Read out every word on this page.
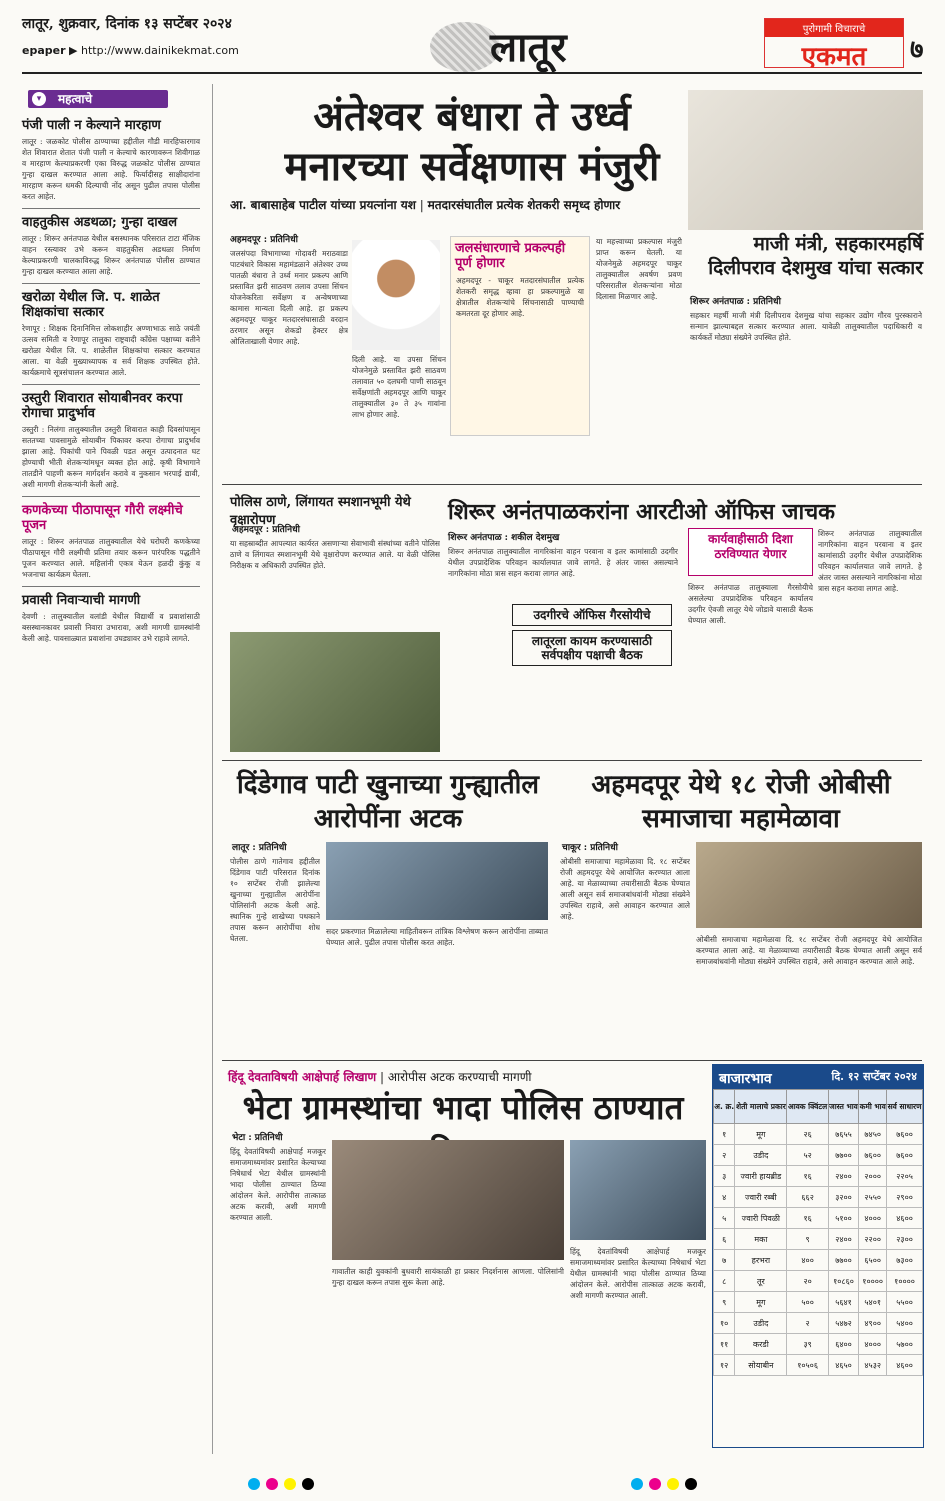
लातूर, शुक्रवार, दिनांक १३ सप्टेंबर २०२४
epaper ▶ http://www.dainikekmat.com	लातूर	पुरोगामी विचाराचे
एकमत	७
महत्वाचे
▾
पंजी पाली न केल्याने मारहाण
लातूर : जळकोट पोलीस ठाण्याच्या हद्दीतील गौडी मारहिफारगाव शेत शिवारात शेतात पंजी पाली न केल्याचे कारणावरून शिवीगाळ व मारहाण केल्याप्रकरणी एका विरुद्ध जळकोट पोलीस ठाण्यात गुन्हा दाखल करण्यात आला आहे. फिर्यादीसह साक्षीदारांना मारहाण करून धमकी दिल्याची नोंद असून पुढील तपास पोलीस करत आहेत.
वाहतुकीस अडथळा; गुन्हा दाखल
लातूर : शिरूर अनंतपाळ येथील बसस्थानक परिसरात टाटा मॅजिक वाहन रस्त्यावर उभे करून वाहतुकीस अडथळा निर्माण केल्याप्रकरणी चालकाविरुद्ध शिरूर अनंतपाळ पोलीस ठाण्यात गुन्हा दाखल करण्यात आला आहे.
खरोळा येथील जि. प. शाळेत शिक्षकांचा सत्कार
रेणापूर : शिक्षक दिनानिमित्त लोकशाहीर अण्णाभाऊ साठे जयंती उत्सव समिती व रेणापूर तालुका राष्ट्रवादी काँग्रेस पक्षाच्या वतीने खरोळा येथील जि. प. शाळेतील शिक्षकांचा सत्कार करण्यात आला. या वेळी मुख्याध्यापक व सर्व शिक्षक उपस्थित होते. कार्यक्रमाचे सूत्रसंचालन करण्यात आले.
उस्तुरी शिवारात सोयाबीनवर करपा रोगाचा प्रादुर्भाव
उस्तुरी : निलंगा तालुक्यातील उस्तुरी शिवारात काही दिवसांपासून सततच्या पावसामुळे सोयाबीन पिकावर करपा रोगाचा प्रादुर्भाव झाला आहे. पिकांची पाने पिवळी पडत असून उत्पादनात घट होण्याची भीती शेतकऱ्यांमधून व्यक्त होत आहे. कृषी विभागाने तातडीने पाहणी करून मार्गदर्शन करावे व नुकसान भरपाई द्यावी, अशी मागणी शेतकऱ्यांनी केली आहे.
कणकेच्या पीठापासून गौरी लक्ष्मीचे पूजन
लातूर : शिरूर अनंतपाळ तालुक्यातील येथे घरोघरी कणकेच्या पीठापासून गौरी लक्ष्मीची प्रतिमा तयार करून पारंपरिक पद्धतीने पूजन करण्यात आले. महिलांनी एकत्र येऊन हळदी कुंकू व भजनाचा कार्यक्रम घेतला.
प्रवासी निवाऱ्याची मागणी
देवणी : तालुक्यातील वलांडी येथील विद्यार्थी व प्रवाशांसाठी बसस्थानकावर प्रवासी निवारा उभारावा, अशी मागणी ग्रामस्थांनी केली आहे. पावसाळ्यात प्रवाशांना उघड्यावर उभे राहावे लागते.
अंतेश्वर बंधारा ते उर्ध्व मनारच्या सर्वेक्षणास मंजुरी
आ. बाबासाहेब पाटील यांच्या प्रयत्नांना यश | मतदारसंघातील प्रत्येक शेतकरी समृध्द होणार
अहमदपूर : प्रतिनिधी
जलसंपदा विभागाच्या गोदावरी मराठवाडा पाटबंधारे विकास महामंडळाने अंतेश्वर उच्च पातळी बंधारा ते उर्ध्व मनार प्रकल्प आणि प्रस्तावित झरी साठवण तलाव उपसा सिंचन योजनेकरिता सर्वेक्षण व अन्वेषणाच्या कामास मान्यता दिली आहे. हा प्रकल्प अहमदपूर चाकूर मतदारसंघासाठी वरदान ठरणार असून शेकडो हेक्टर क्षेत्र ओलिताखाली येणार आहे.
दिली आहे. या उपसा सिंचन योजनेमुळे प्रस्तावित झरी साठवण तलावात ५० दलघमी पाणी साठवून सर्वेक्षणांती अहमदपूर आणि चाकूर तालुक्यातील ३० ते ३५ गावांना लाभ होणार आहे.
जलसंधारणाचे प्रकल्पही पूर्ण होणार
अहमदपूर - चाकूर मतदारसंघातील प्रत्येक शेतकरी समृद्ध व्हावा हा प्रकल्पामुळे या क्षेत्रातील शेतकऱ्यांचे सिंचनासाठी पाण्याची कमतरता दूर होणार आहे.
या महत्त्वाच्या प्रकल्पास मंजुरी प्राप्त करून घेतली. या योजनेमुळे अहमदपूर चाकूर तालुक्यातील अवर्षण प्रवण परिसरातील शेतकऱ्यांना मोठा दिलासा मिळणार आहे.
माजी मंत्री, सहकारमहर्षि दिलीपराव देशमुख यांचा सत्कार
शिरूर अनंतपाळ : प्रतिनिधी
सहकार महर्षी माजी मंत्री दिलीपराव देशमुख यांचा सहकार उद्योग गौरव पुरस्काराने सन्मान झाल्याबद्दल सत्कार करण्यात आला. यावेळी तालुक्यातील पदाधिकारी व कार्यकर्ते मोठ्या संख्येने उपस्थित होते.
पोलिस ठाणे, लिंगायत स्मशानभूमी येथे वृक्षारोपण
अहमदपूर : प्रतिनिधी
या सहस्राब्दीत आपल्यात कार्यरत असणाऱ्या सेवाभावी संस्थांच्या वतीने पोलिस ठाणे व लिंगायत स्मशानभूमी येथे वृक्षारोपण करण्यात आले. या वेळी पोलिस निरीक्षक व अधिकारी उपस्थित होते.
शिरूर अनंतपाळकरांना आरटीओ ऑफिस जाचक
शिरूर अनंतपाळ : शकील देशमुख
शिरूर अनंतपाळ तालुक्यातील नागरिकांना वाहन परवाना व इतर कामांसाठी उदगीर येथील उपप्रादेशिक परिवहन कार्यालयात जावे लागते. हे अंतर जास्त असल्याने नागरिकांना मोठा त्रास सहन करावा लागत आहे.
उदगीरचे ऑफिस गैरसोयीचे
लातूरला कायम करण्यासाठी सर्वपक्षीय पक्षाची बैठक
कार्यवाहीसाठी दिशा ठरविण्यात येणार
शिरूर अनंतपाळ तालुक्याला गैरसोयीचे असलेल्या उपप्रादेशिक परिवहन कार्यालय उदगीर ऐवजी लातूर येथे जोडावे यासाठी बैठक घेण्यात आली.
शिरूर अनंतपाळ तालुक्यातील नागरिकांना वाहन परवाना व इतर कामांसाठी उदगीर येथील उपप्रादेशिक परिवहन कार्यालयात जावे लागते. हे अंतर जास्त असल्याने नागरिकांना मोठा त्रास सहन करावा लागत आहे.
दिंडेगाव पाटी खुनाच्या गुन्ह्यातील आरोपींना अटक
लातूर : प्रतिनिधी
पोलीस ठाणे गातेगाव हद्दीतील दिंडेगाव पाटी परिसरात दिनांक १० सप्टेंबर रोजी झालेल्या खुनाच्या गुन्ह्यातील आरोपींना पोलिसांनी अटक केली आहे. स्थानिक गुन्हे शाखेच्या पथकाने तपास करून आरोपींचा शोध घेतला.
सदर प्रकरणात मिळालेल्या माहितीवरून तांत्रिक विश्लेषण करून आरोपींना ताब्यात घेण्यात आले. पुढील तपास पोलीस करत आहेत.
अहमदपूर येथे १८ रोजी ओबीसी समाजाचा महामेळावा
चाकूर : प्रतिनिधी
ओबीसी समाजाचा महामेळावा दि. १८ सप्टेंबर रोजी अहमदपूर येथे आयोजित करण्यात आला आहे. या मेळाव्याच्या तयारीसाठी बैठक घेण्यात आली असून सर्व समाजबांधवांनी मोठ्या संख्येने उपस्थित राहावे, असे आवाहन करण्यात आले आहे.
ओबीसी समाजाचा महामेळावा दि. १८ सप्टेंबर रोजी अहमदपूर येथे आयोजित करण्यात आला आहे. या मेळाव्याच्या तयारीसाठी बैठक घेण्यात आली असून सर्व समाजबांधवांनी मोठ्या संख्येने उपस्थित राहावे, असे आवाहन करण्यात आले आहे.
हिंदू देवताविषयी आक्षेपार्ह लिखाण | आरोपीस अटक करण्याची मागणी
भेटा ग्रामस्थांचा भादा पोलिस ठाण्यात
भेटा : प्रतिनिधी
हिंदू देवतांविषयी आक्षेपार्ह मजकूर समाजमाध्यमांवर प्रसारित केल्याच्या निषेधार्थ भेटा येथील ग्रामस्थांनी भादा पोलीस ठाण्यात ठिय्या आंदोलन केले. आरोपीस तात्काळ अटक करावी, अशी मागणी करण्यात आली.
गावातील काही युवकांनी बुधवारी सायंकाळी हा प्रकार निदर्शनास आणला. पोलिसांनी गुन्हा दाखल करून तपास सुरू केला आहे.
हिंदू देवतांविषयी आक्षेपार्ह मजकूर समाजमाध्यमांवर प्रसारित केल्याच्या निषेधार्थ भेटा येथील ग्रामस्थांनी भादा पोलीस ठाण्यात ठिय्या आंदोलन केले. आरोपीस तात्काळ अटक करावी, अशी मागणी करण्यात आली.
बाजारभाव	दि. १२ सप्टेंबर २०२४
अ. क्र.	शेती मालाचे प्रकार	आवक क्विंटल	जास्त भाव	कमी भाव	सर्व साधारण
१	मूग	२६	७६५५	७४५०	७६००
२	उडीद	५२	७७००	७६००	७६००
३	ज्वारी हायब्रीड	१६	२४००	२०००	२२०५
४	ज्वारी रब्बी	६६२	३२००	२५५०	२९००
५	ज्वारी पिवळी	१६	५१००	४०००	४६००
६	मका	९	२४००	२२००	२३००
७	हरभरा	४००	७७००	६५००	७३००
८	तूर	२०	१०८६०	१००००	१००००
९	मूग	५००	५६४१	५४०१	५५००
१०	उडीद	२	५४७२	४९००	५४००
११	करडी	३९	६४००	४०००	५७००
१२	सोयाबीन	१०५०६	४६५०	४५३२	४६००
